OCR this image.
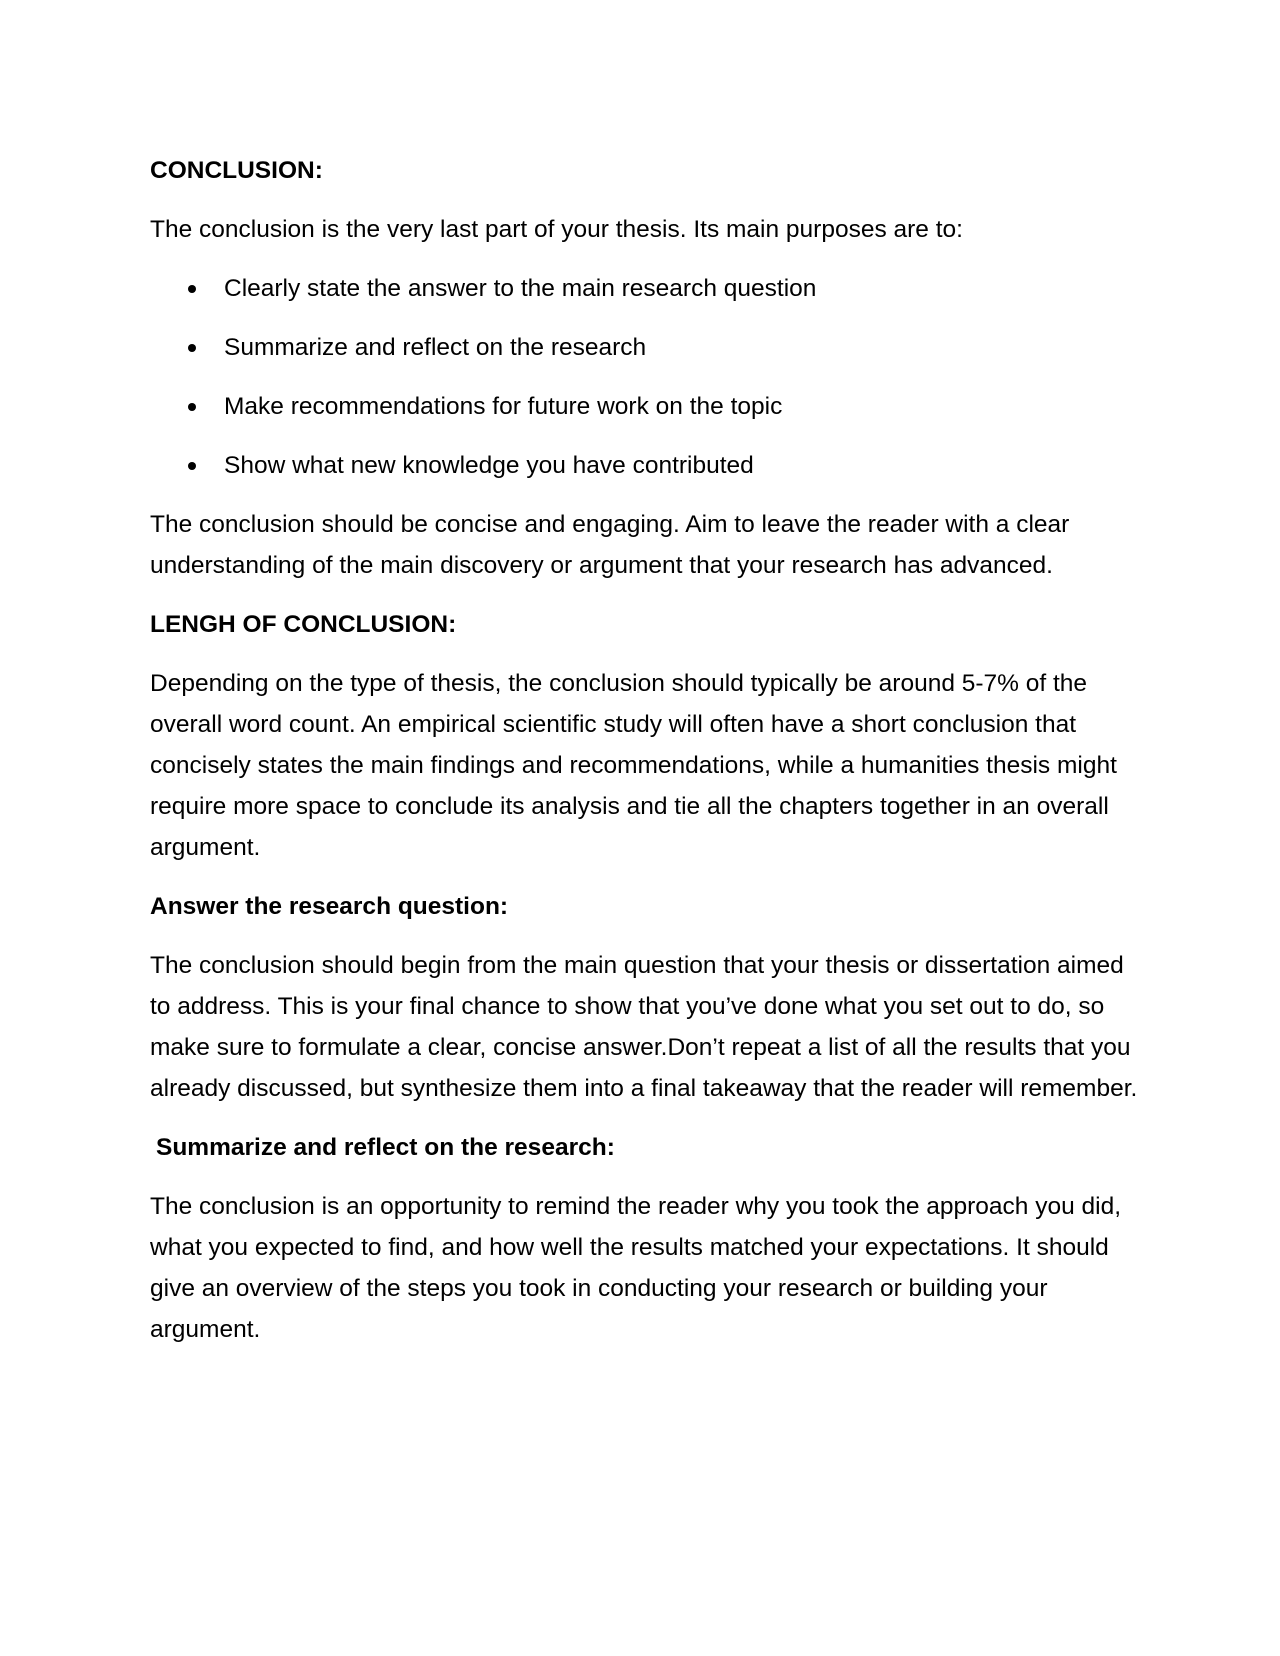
CONCLUSION:
The conclusion is the very last part of your thesis. Its main purposes are to:
Clearly state the answer to the main research question
Summarize and reflect on the research
Make recommendations for future work on the topic
Show what new knowledge you have contributed
The conclusion should be concise and engaging. Aim to leave the reader with a clear understanding of the main discovery or argument that your research has advanced.
LENGH OF CONCLUSION:
Depending on the type of thesis, the conclusion should typically be around 5-7% of the overall word count. An empirical scientific study will often have a short conclusion that concisely states the main findings and recommendations, while a humanities thesis might require more space to conclude its analysis and tie all the chapters together in an overall argument.
Answer the research question:
The conclusion should begin from the main question that your thesis or dissertation aimed to address. This is your final chance to show that you’ve done what you set out to do, so make sure to formulate a clear, concise answer.Don’t repeat a list of all the results that you already discussed, but synthesize them into a final takeaway that the reader will remember.
Summarize and reflect on the research:
The conclusion is an opportunity to remind the reader why you took the approach you did, what you expected to find, and how well the results matched your expectations. It should give an overview of the steps you took in conducting your research or building your argument.
